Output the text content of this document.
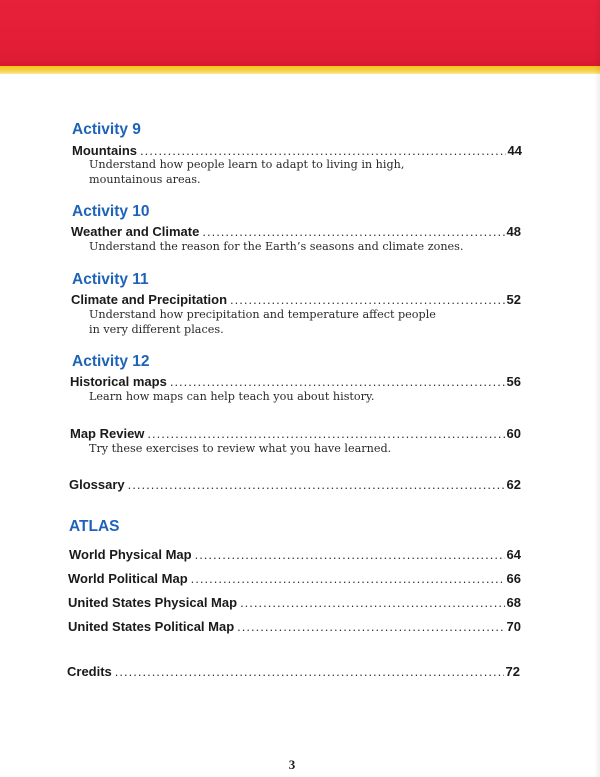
Activity 9
Mountains .....	44
Understand how people learn to adapt to living in high, mountainous areas.
Activity 10
Weather and Climate .....	48
Understand the reason for the Earth’s seasons and climate zones.
Activity 11
Climate and Precipitation .....	52
Understand how precipitation and temperature affect people in very different places.
Activity 12
Historical maps .....	56
Learn how maps can help teach you about history.
Map Review .....	60
Try these exercises to review what you have learned.
Glossary .....	62
ATLAS
World Physical Map .....	64
World Political Map .....	66
United States Physical Map .....	68
United States Political Map .....	70
Credits .....	72
3
